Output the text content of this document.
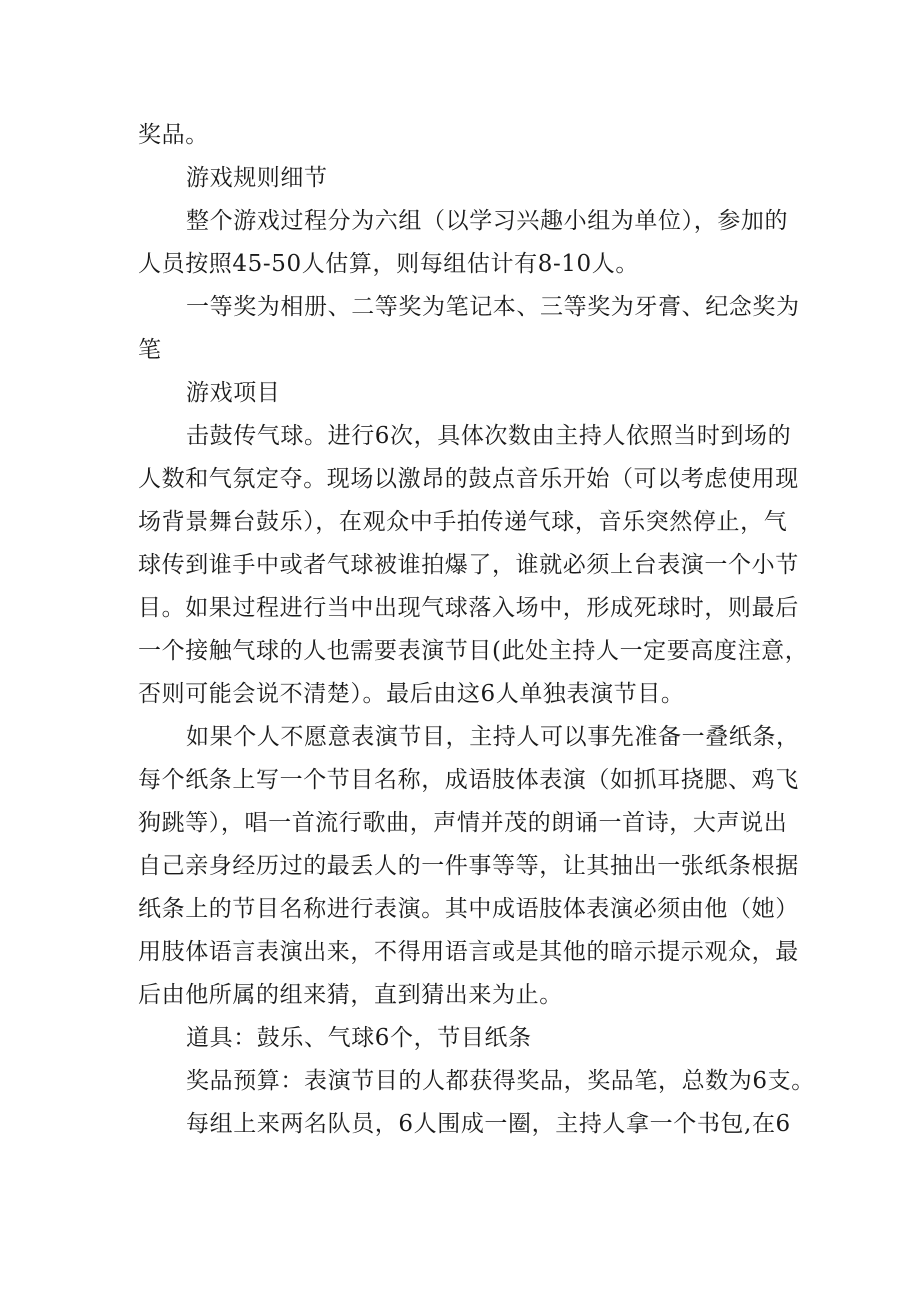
奖品。
游戏规则细节
整个游戏过程分为六组（以学习兴趣小组为单位），参加的
人员按照45-50人估算，则每组估计有8-10人。
一等奖为相册、二等奖为笔记本、三等奖为牙膏、纪念奖为
笔
游戏项目
击鼓传气球。进行6次，具体次数由主持人依照当时到场的
人数和气氛定夺。现场以激昂的鼓点音乐开始（可以考虑使用现
场背景舞台鼓乐），在观众中手拍传递气球，音乐突然停止，气
球传到谁手中或者气球被谁拍爆了，谁就必须上台表演一个小节
目。如果过程进行当中出现气球落入场中，形成死球时，则最后
一个接触气球的人也需要表演节目(此处主持人一定要高度注意，
否则可能会说不清楚）。最后由这6人单独表演节目。
如果个人不愿意表演节目，主持人可以事先准备一叠纸条，
每个纸条上写一个节目名称，成语肢体表演（如抓耳挠腮、鸡飞
狗跳等），唱一首流行歌曲，声情并茂的朗诵一首诗，大声说出
自己亲身经历过的最丢人的一件事等等，让其抽出一张纸条根据
纸条上的节目名称进行表演。其中成语肢体表演必须由他（她）
用肢体语言表演出来，不得用语言或是其他的暗示提示观众，最
后由他所属的组来猜，直到猜出来为止。
道具：鼓乐、气球6个，节目纸条
奖品预算：表演节目的人都获得奖品，奖品笔，总数为6支。
每组上来两名队员，6人围成一圈，主持人拿一个书包,在6
